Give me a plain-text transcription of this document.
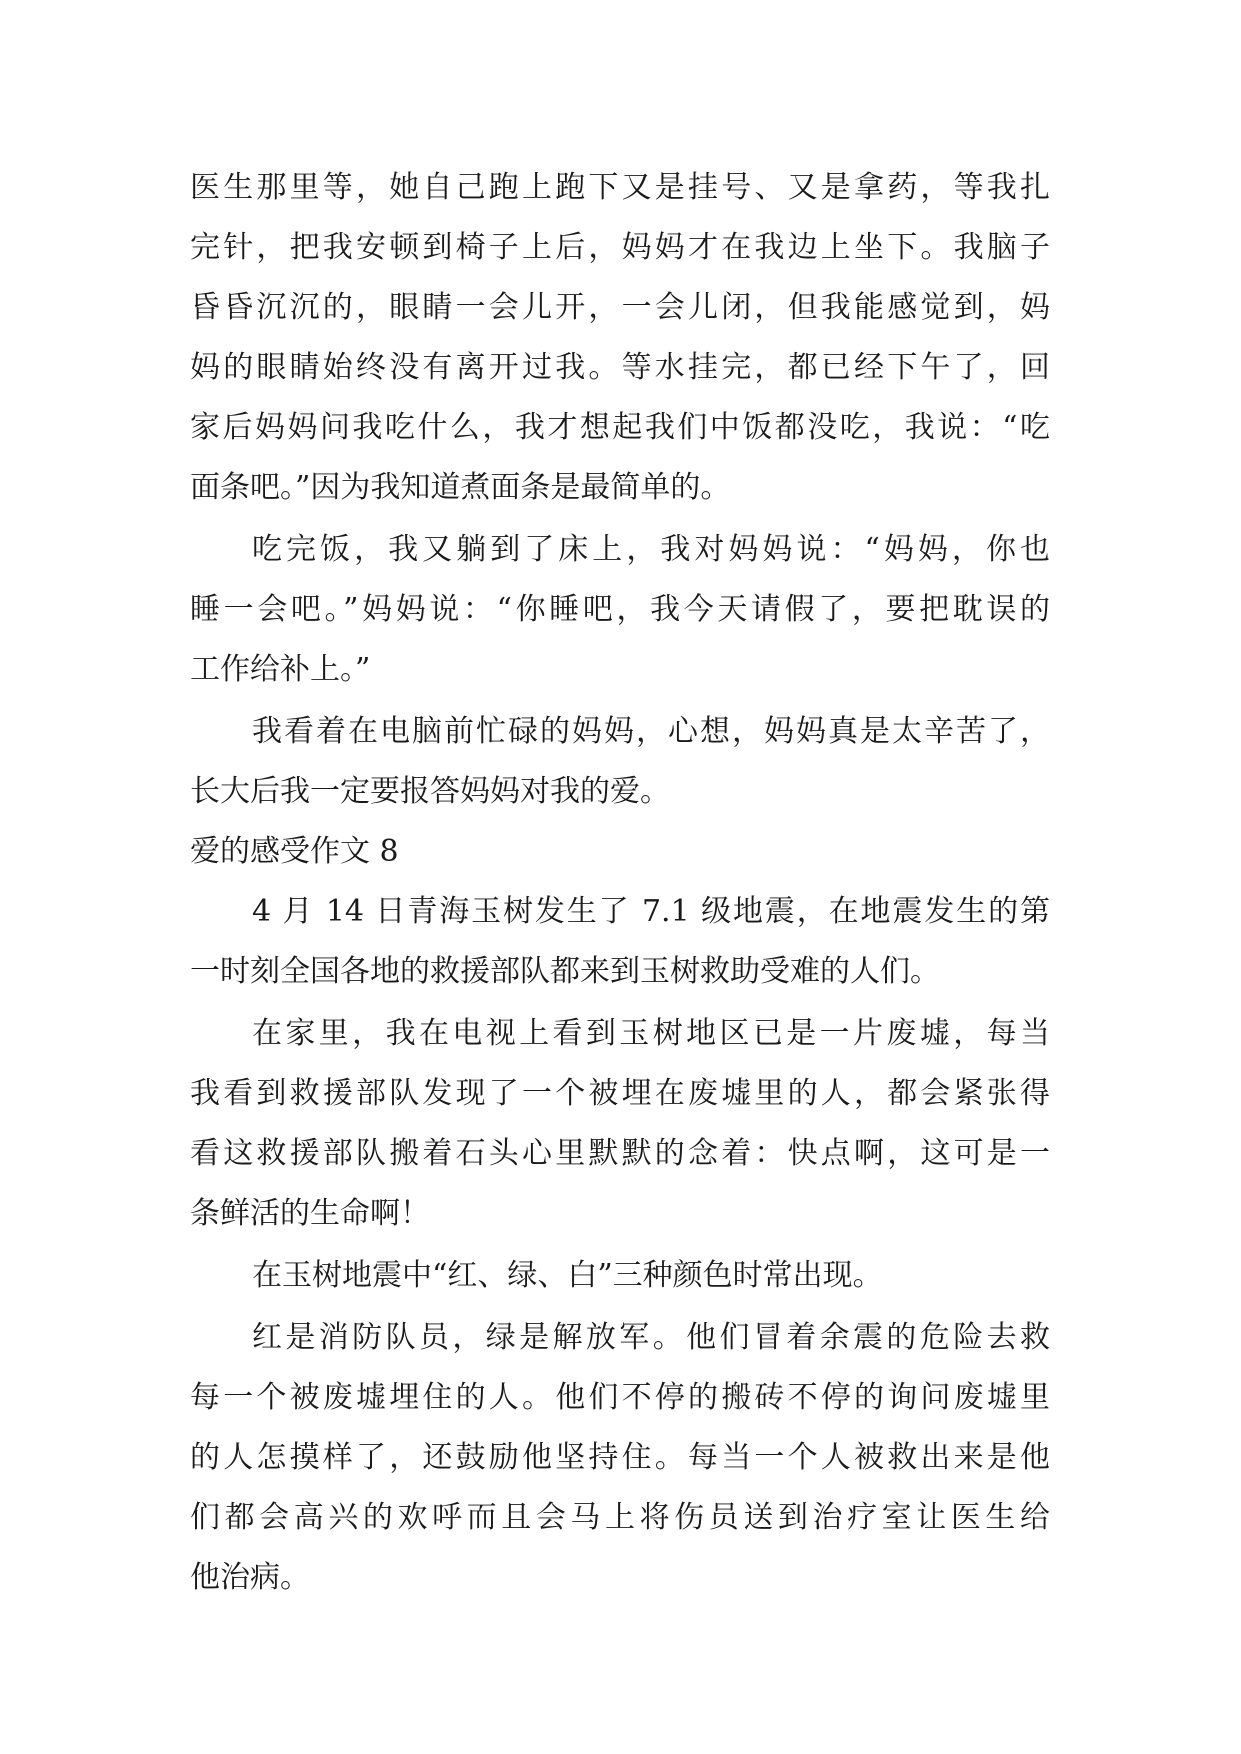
医生那里等，她自己跑上跑下又是挂号、又是拿药，等我扎
完针，把我安顿到椅子上后，妈妈才在我边上坐下。我脑子
昏昏沉沉的，眼睛一会儿开，一会儿闭，但我能感觉到，妈
妈的眼睛始终没有离开过我。等水挂完，都已经下午了，回
家后妈妈问我吃什么，我才想起我们中饭都没吃，我说：“吃
面条吧。”因为我知道煮面条是最简单的。
吃完饭，我又躺到了床上，我对妈妈说：“妈妈，你也
睡一会吧。”妈妈说：“你睡吧，我今天请假了，要把耽误的
工作给补上。”
我看着在电脑前忙碌的妈妈，心想，妈妈真是太辛苦了，
长大后我一定要报答妈妈对我的爱。
爱的感受作文 8
4 月 14 日青海玉树发生了 7.1 级地震，在地震发生的第
一时刻全国各地的救援部队都来到玉树救助受难的人们。
在家里，我在电视上看到玉树地区已是一片废墟，每当
我看到救援部队发现了一个被埋在废墟里的人，都会紧张得
看这救援部队搬着石头心里默默的念着：快点啊，这可是一
条鲜活的生命啊！
在玉树地震中“红、绿、白”三种颜色时常出现。
红是消防队员，绿是解放军。他们冒着余震的危险去救
每一个被废墟埋住的人。他们不停的搬砖不停的询问废墟里
的人怎摸样了，还鼓励他坚持住。每当一个人被救出来是他
们都会高兴的欢呼而且会马上将伤员送到治疗室让医生给
他治病。
